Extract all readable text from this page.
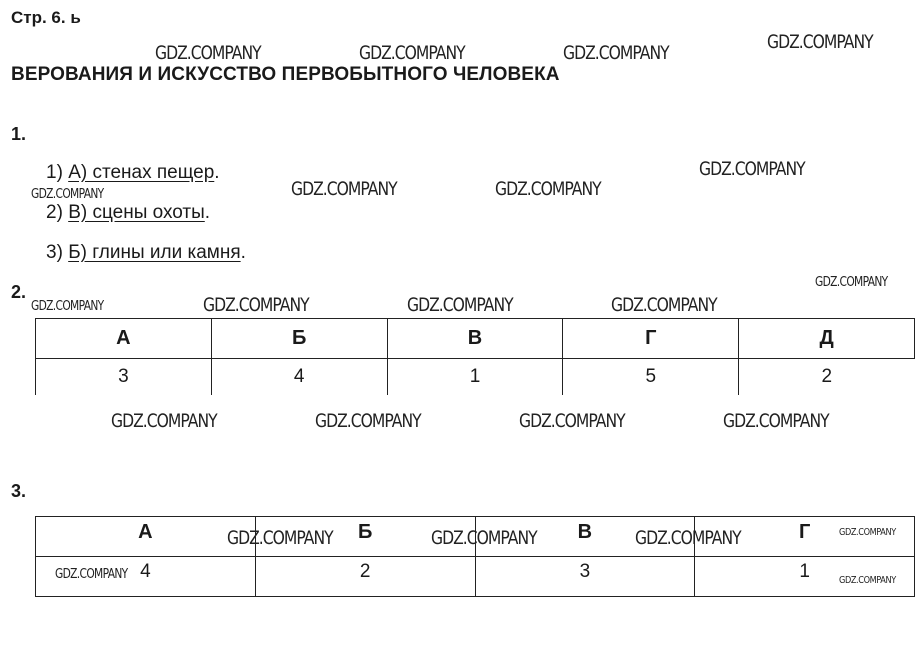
Стр. 6. ь
ВЕРОВАНИЯ И ИСКУССТВО ПЕРВОБЫТНОГО ЧЕЛОВЕКА
1.
1) А) стенах пещер.
2) В) сцены охоты.
3) Б) глины или камня.
2.
А	Б	В	Г	Д
3	4	1	5	2
3.
А	Б	В	Г
4	2	3	1
GDZ.COMPANY	GDZ.COMPANY	GDZ.COMPANY	GDZ.COMPANY
GDZ.COMPANY
GDZ.COMPANY	GDZ.COMPANY
GDZ.COMPANY
GDZ.COMPANY
GDZ.COMPANY	GDZ.COMPANY	GDZ.COMPANY	GDZ.COMPANY
GDZ.COMPANY	GDZ.COMPANY	GDZ.COMPANY	GDZ.COMPANY
GDZ.COMPANY	GDZ.COMPANY	GDZ.COMPANY	GDZ.COMPANY
GDZ.COMPANY	GDZ.COMPANY
